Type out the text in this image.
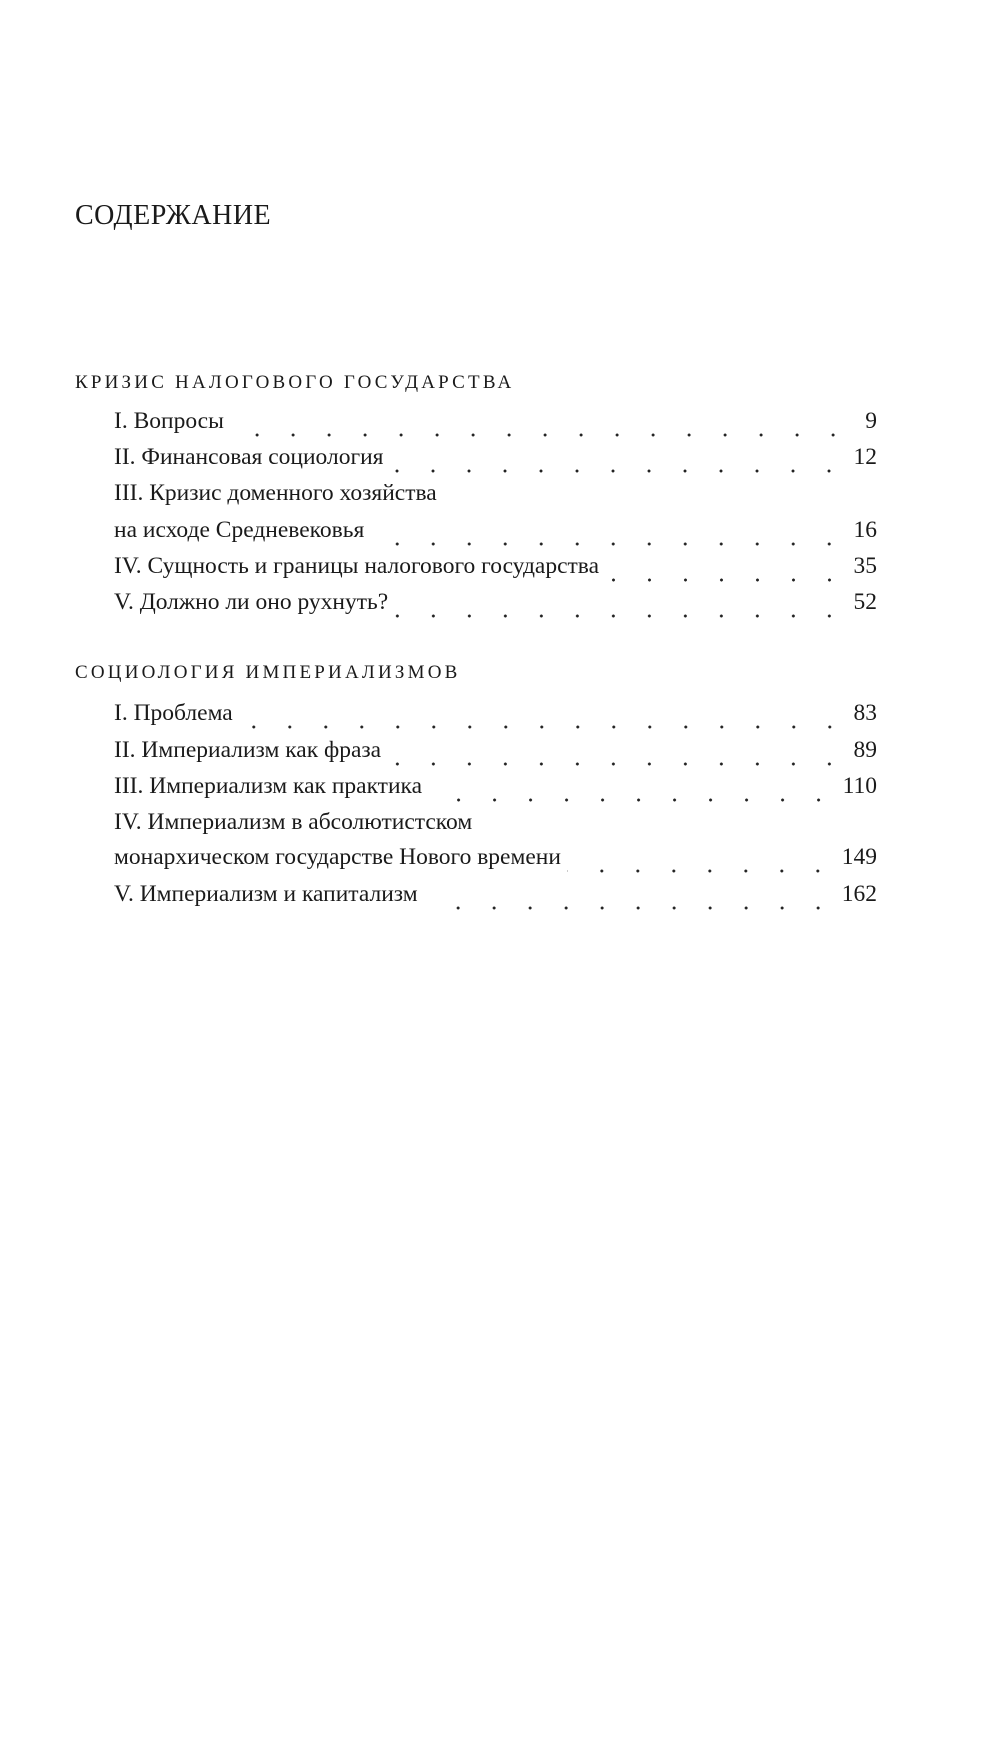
СОДЕРЖАНИЕ
КРИЗИС НАЛОГОВОГО ГОСУДАРСТВА
I. Вопросы	9
II. Финансовая социология	12
III. Кризис доменного хозяйства
на исходе Средневековья	16
IV. Сущность и границы налогового государства	35
V. Должно ли оно рухнуть?	52
СОЦИОЛОГИЯ ИМПЕРИАЛИЗМОВ
I. Проблема	83
II. Империализм как фраза	89
III. Империализм как практика	110
IV. Империализм в абсолютистском
монархическом государстве Нового времени	149
V. Империализм и капитализм	162
